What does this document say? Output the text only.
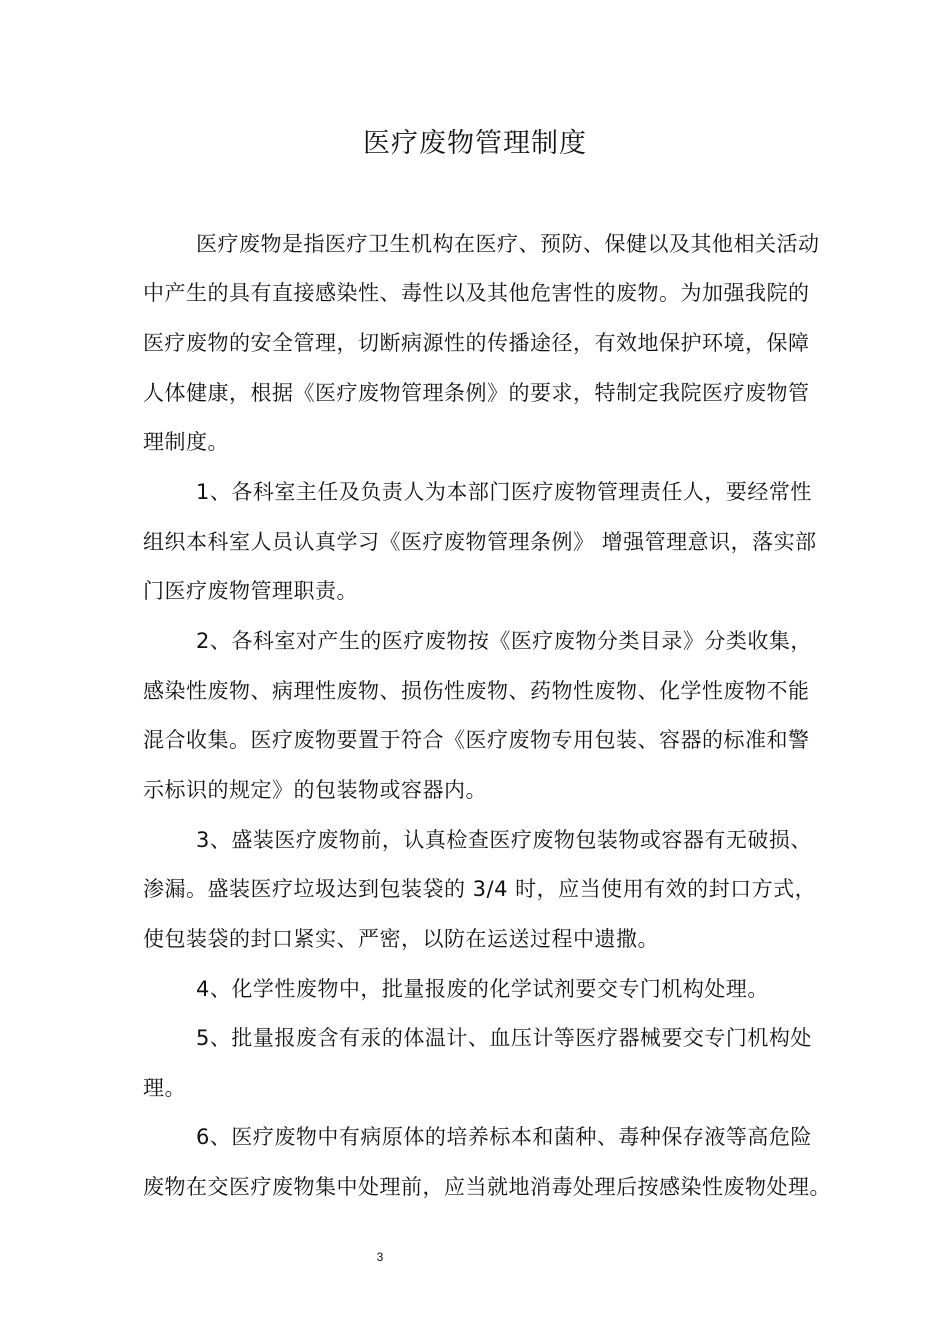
医疗废物管理制度
医疗废物是指医疗卫生机构在医疗、预防、保健以及其他相关活动
中产生的具有直接感染性、毒性以及其他危害性的废物。为加强我院的
医疗废物的安全管理，切断病源性的传播途径，有效地保护环境，保障
人体健康，根据《医疗废物管理条例》的要求，特制定我院医疗废物管
理制度。
1、各科室主任及负责人为本部门医疗废物管理责任人，要经常性
组织本科室人员认真学习《医疗废物管理条例》 增强管理意识，落实部
门医疗废物管理职责。
2、各科室对产生的医疗废物按《医疗废物分类目录》分类收集，
感染性废物、病理性废物、损伤性废物、药物性废物、化学性废物不能
混合收集。医疗废物要置于符合《医疗废物专用包装、容器的标准和警
示标识的规定》的包装物或容器内。
3、盛装医疗废物前，认真检查医疗废物包装物或容器有无破损、
渗漏。盛装医疗垃圾达到包装袋的 3/4 时，应当使用有效的封口方式，
使包装袋的封口紧实、严密，以防在运送过程中遗撒。
4、化学性废物中，批量报废的化学试剂要交专门机构处理。
5、批量报废含有汞的体温计、血压计等医疗器械要交专门机构处
理。
6、医疗废物中有病原体的培养标本和菌种、毒种保存液等高危险
废物在交医疗废物集中处理前，应当就地消毒处理后按感染性废物处理。
3
